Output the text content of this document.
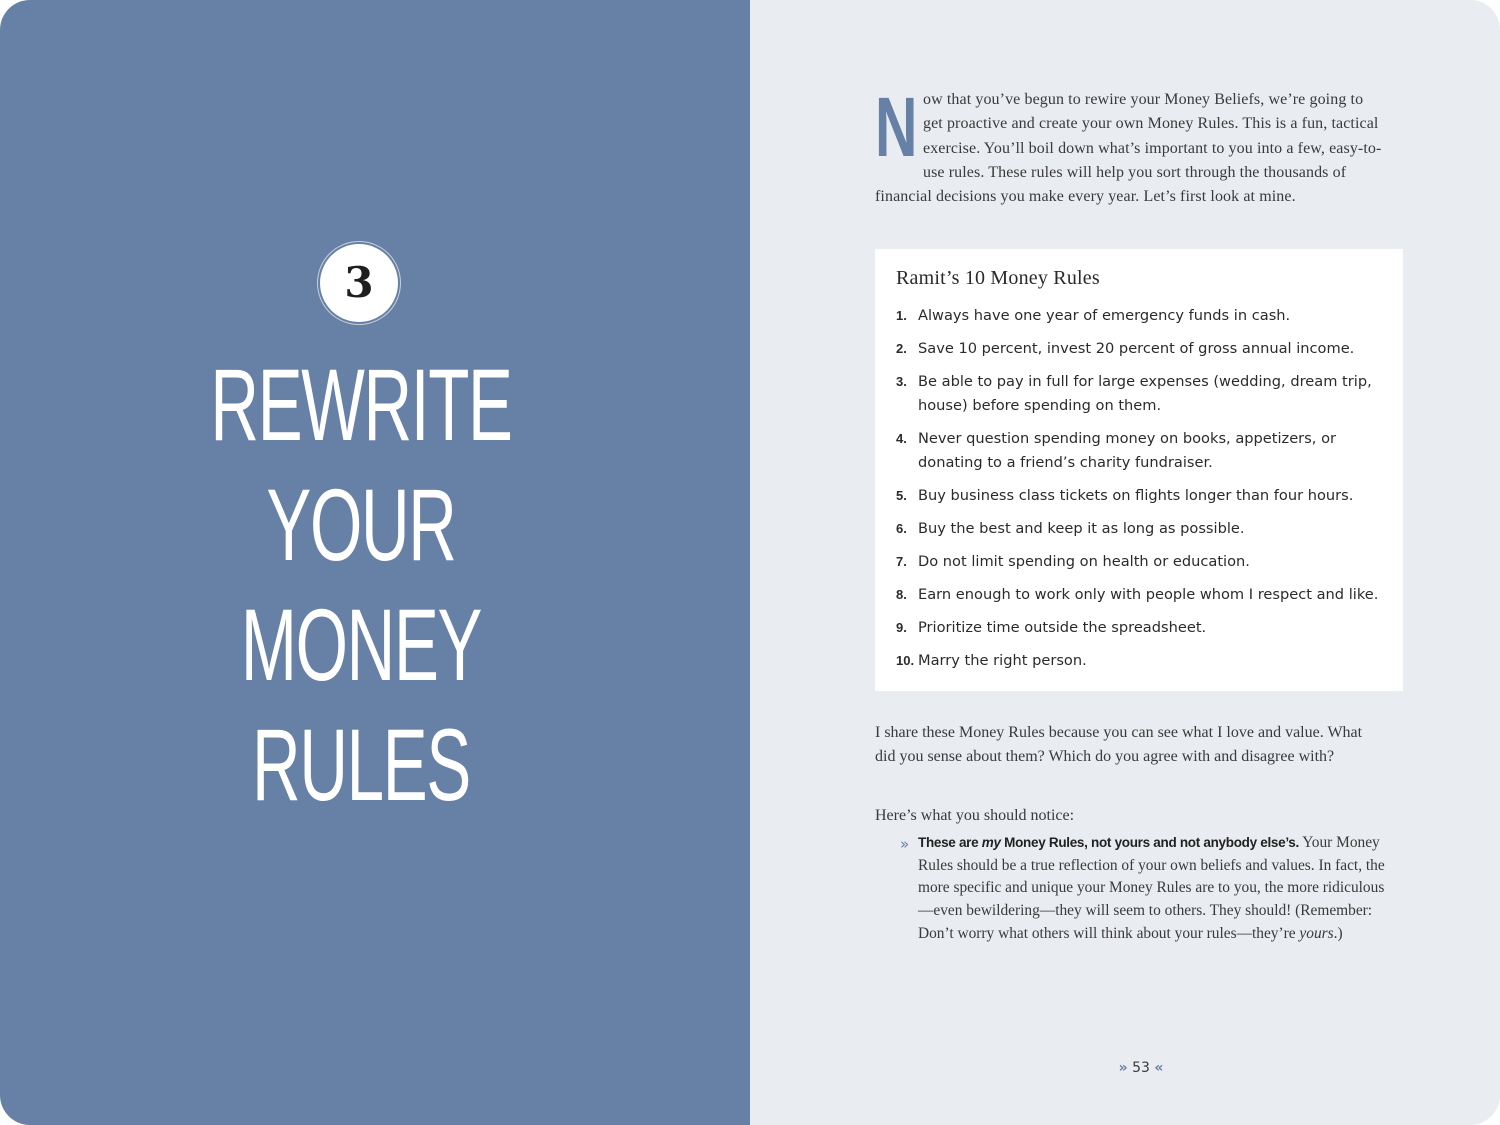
3
REWRITE
YOUR
MONEY
RULES
Now that you’ve begun to rewire your Money Beliefs, we’re going to get proactive and create your own Money Rules. This is a fun, tactical exercise. You’ll boil down what’s important to you into a few, easy-to-use rules. These rules will help you sort through the thousands of financial decisions you make every year. Let’s first look at mine.
Ramit’s 10 Money Rules
1. Always have one year of emergency funds in cash.
2. Save 10 percent, invest 20 percent of gross annual income.
3. Be able to pay in full for large expenses (wedding, dream trip, house) before spending on them.
4. Never question spending money on books, appetizers, or donating to a friend’s charity fundraiser.
5. Buy business class tickets on flights longer than four hours.
6. Buy the best and keep it as long as possible.
7. Do not limit spending on health or education.
8. Earn enough to work only with people whom I respect and like.
9. Prioritize time outside the spreadsheet.
10. Marry the right person.

I share these Money Rules because you can see what I love and value. What did you sense about them? Which do you agree with and disagree with?

Here’s what you should notice:

» These are my Money Rules, not yours and not anybody else’s. Your Money Rules should be a true reflection of your own beliefs and values. In fact, the more specific and unique your Money Rules are to you, the more ridiculous—even bewildering—they will seem to others. They should! (Remember: Don’t worry what others will think about your rules—they’re yours.)
» 53 «
